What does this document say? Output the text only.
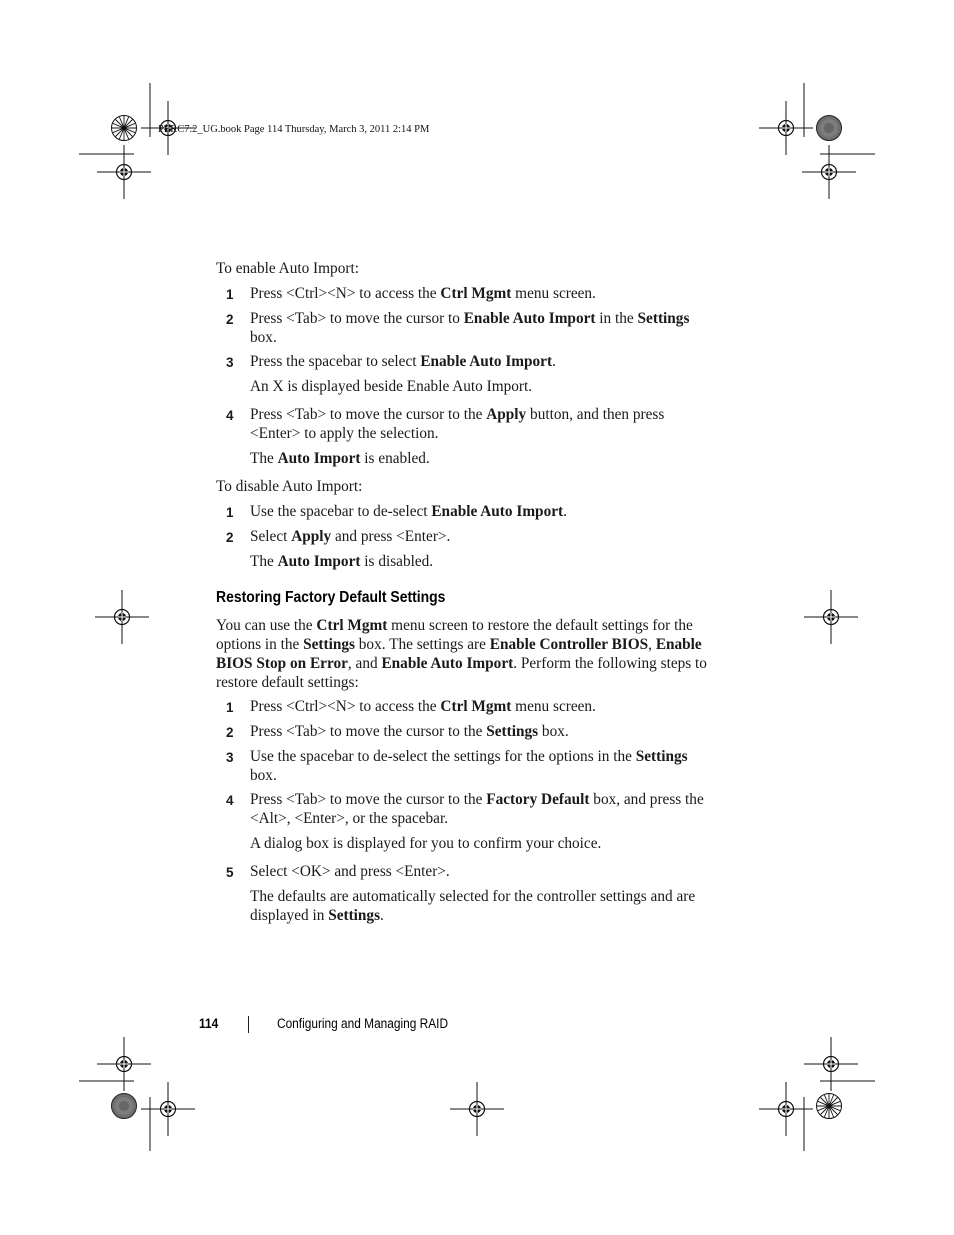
PERC7.2_UG.book Page 114 Thursday, March 3, 2011 2:14 PM

To enable Auto Import:

1	Press <Ctrl><N> to access the Ctrl Mgmt menu screen.
2	Press <Tab> to move the cursor to Enable Auto Import in the Settings box.
3	Press the spacebar to select Enable Auto Import.
An X is displayed beside Enable Auto Import.
4	Press <Tab> to move the cursor to the Apply button, and then press <Enter> to apply the selection.
The Auto Import is enabled.

To disable Auto Import:

1	Use the spacebar to de-select Enable Auto Import.
2	Select Apply and press <Enter>.
The Auto Import is disabled.
Restoring Factory Default Settings

You can use the Ctrl Mgmt menu screen to restore the default settings for the options in the Settings box. The settings are Enable Controller BIOS, Enable BIOS Stop on Error, and Enable Auto Import. Perform the following steps to restore default settings:

1	Press <Ctrl><N> to access the Ctrl Mgmt menu screen.
2	Press <Tab> to move the cursor to the Settings box.
3	Use the spacebar to de-select the settings for the options in the Settings box.
4	Press <Tab> to move the cursor to the Factory Default box, and press the <Alt>, <Enter>, or the spacebar.
A dialog box is displayed for you to confirm your choice.
5	Select <OK> and press <Enter>.
The defaults are automatically selected for the controller settings and are displayed in Settings.
114	Configuring and Managing RAID
